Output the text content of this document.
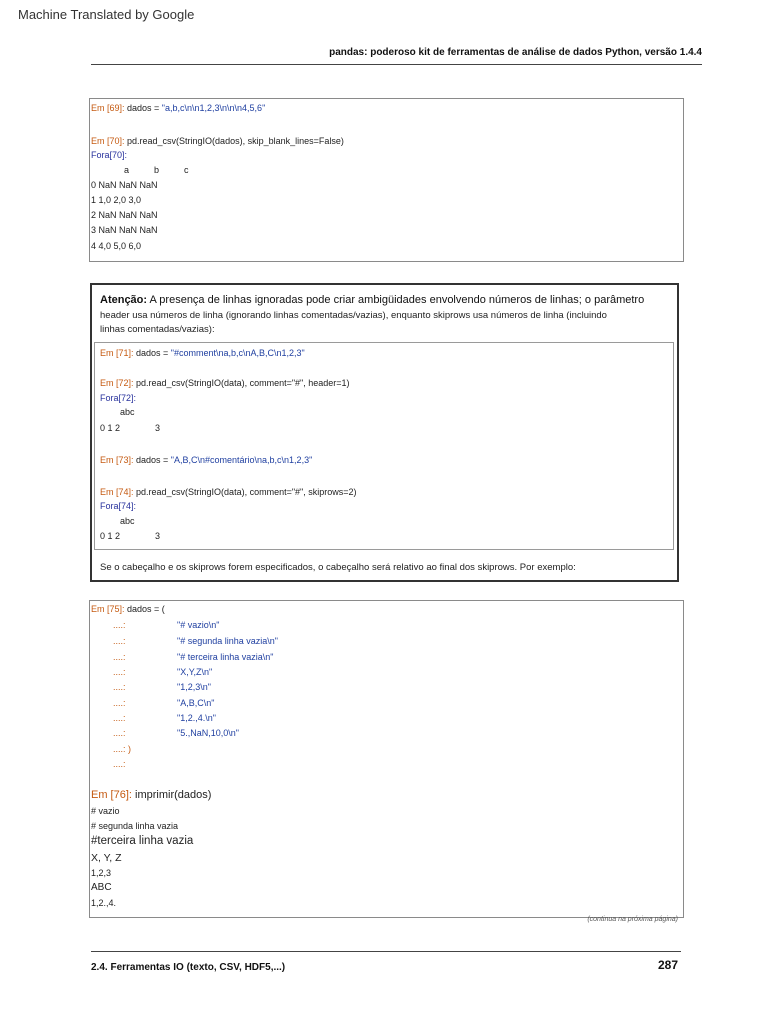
Machine Translated by Google
pandas: poderoso kit de ferramentas de análise de dados Python, versão 1.4.4
Em [69]: dados = "a,b,c\n\n1,2,3\n\n\n4,5,6"
Em [70]: pd.read_csv(StringIO(dados), skip_blank_lines=False)
Fora[70]:
a          b          c
0 NaN NaN NaN
1 1,0 2,0 3,0
2 NaN NaN NaN
3 NaN NaN NaN
4 4,0 5,0 6,0
Atenção: A presença de linhas ignoradas pode criar ambigüidades envolvendo números de linhas; o parâmetro
header usa números de linha (ignorando linhas comentadas/vazias), enquanto skiprows usa números de linha (incluindo
linhas comentadas/vazias):
Em [71]: dados = "#comment\na,b,c\nA,B,C\n1,2,3"
Em [72]: pd.read_csv(StringIO(data), comment="#", header=1)
Fora[72]:
abc
0 1 2              3
Em [73]: dados = "A,B,C\n#comentário\na,b,c\n1,2,3"
Em [74]: pd.read_csv(StringIO(data), comment="#", skiprows=2)
Fora[74]:
abc
0 1 2              3
Se o cabeçalho e os skiprows forem especificados, o cabeçalho será relativo ao final dos skiprows. Por exemplo:
Em [75]: dados = (
....:	"# vazio\n"
....:	"# segunda linha vazia\n"
....:	"# terceira linha vazia\n"
....:	"X,Y,Z\n"
....:	"1,2,3\n"
....:	"A,B,C\n"
....:	"1,2.,4.\n"
....:	"5.,NaN,10,0\n"
....: )
....:
Em [76]: imprimir(dados)
# vazio
# segunda linha vazia
#terceira linha vazia
X, Y, Z
1,2,3
ABC
1,2.,4.
(continua na próxima página)
2.4. Ferramentas IO (texto, CSV, HDF5,...)	287
